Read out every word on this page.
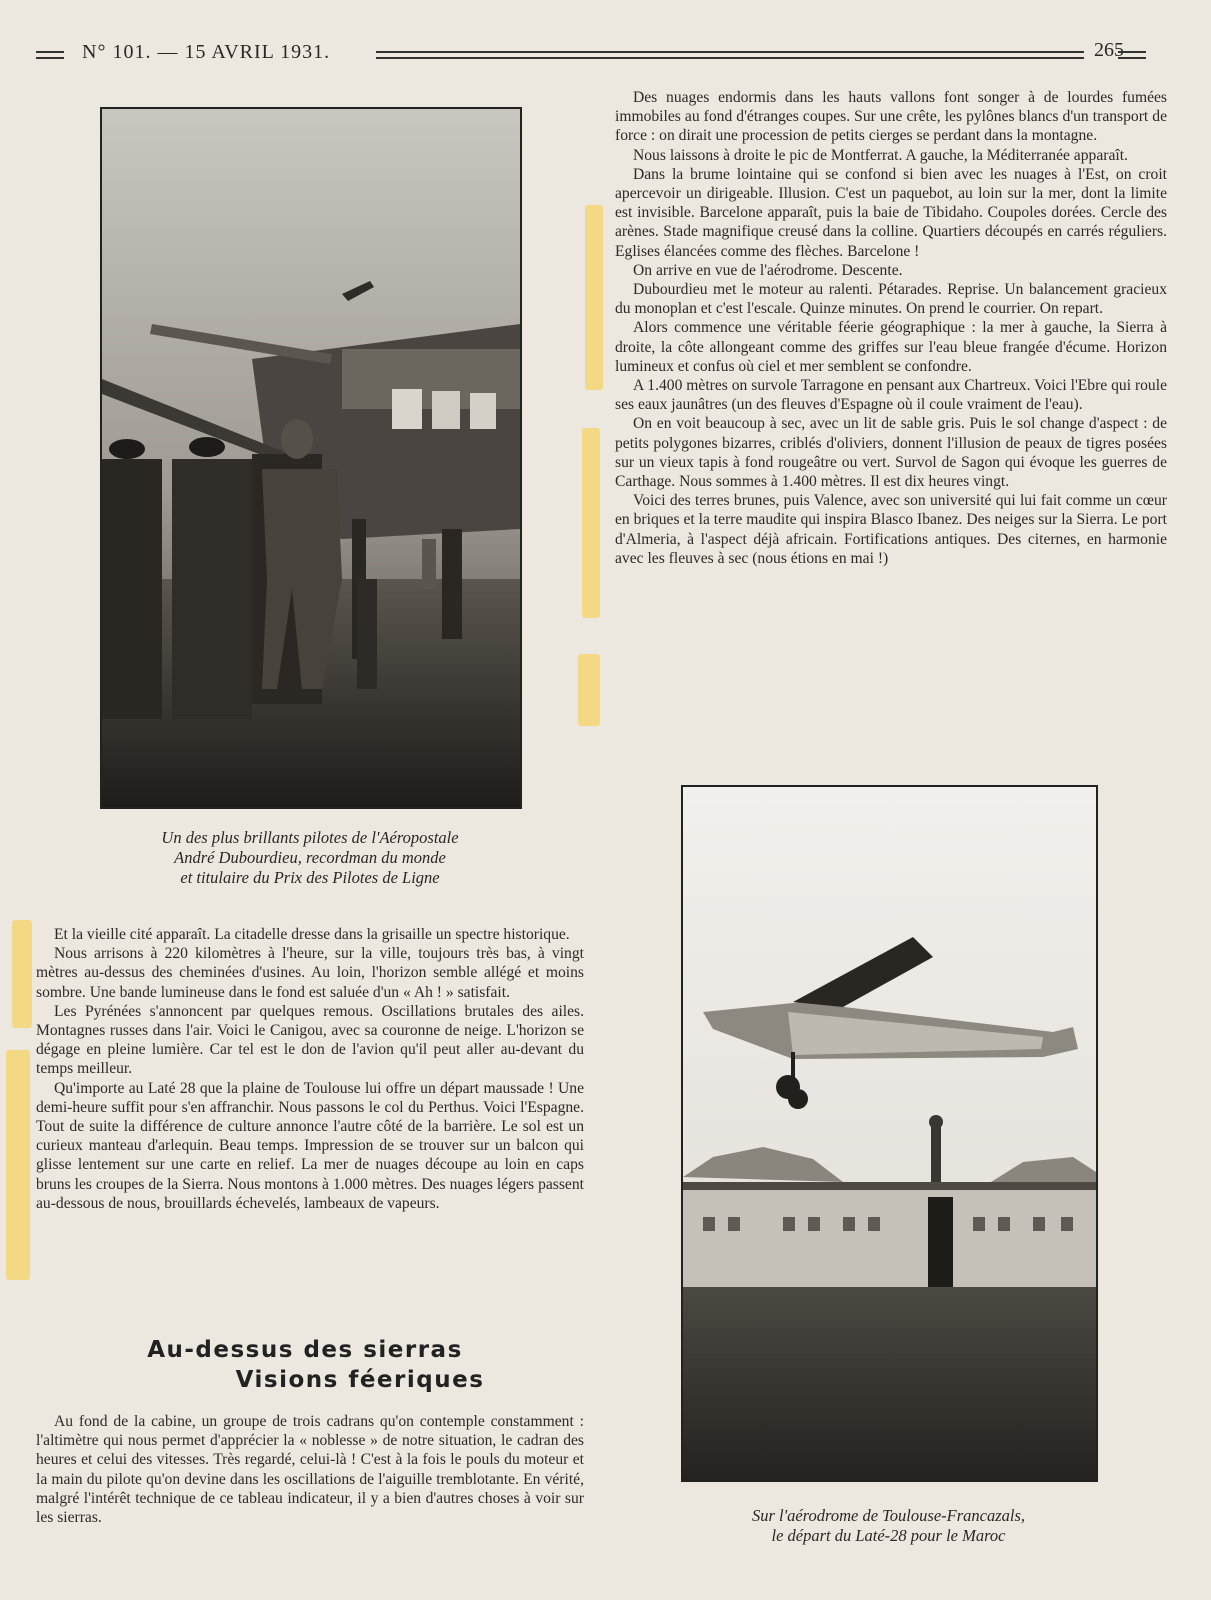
N° 101. — 15 AVRIL 1931.	265
Un des plus brillants pilotes de l'Aéropostale
André Dubourdieu, recordman du monde
et titulaire du Prix des Pilotes de Ligne

Des nuages endormis dans les hauts vallons font songer à de lourdes fumées immobiles au fond d'étranges coupes. Sur une crête, les pylônes blancs d'un transport de force : on dirait une procession de petits cierges se perdant dans la montagne.

Nous laissons à droite le pic de Montferrat. A gauche, la Méditerranée apparaît.

Dans la brume lointaine qui se confond si bien avec les nuages à l'Est, on croit apercevoir un dirigeable. Illusion. C'est un paquebot, au loin sur la mer, dont la limite est invisible. Barcelone apparaît, puis la baie de Tibidaho. Coupoles dorées. Cercle des arènes. Stade magnifique creusé dans la colline. Quartiers découpés en carrés réguliers. Eglises élancées comme des flèches. Barcelone !

On arrive en vue de l'aérodrome. Descente.

Dubourdieu met le moteur au ralenti. Pétarades. Reprise. Un balancement gracieux du monoplan et c'est l'escale. Quinze minutes. On prend le courrier. On repart.

Alors commence une véritable féerie géographique : la mer à gauche, la Sierra à droite, la côte allongeant comme des griffes sur l'eau bleue frangée d'écume. Horizon lumineux et confus où ciel et mer semblent se confondre.

A 1.400 mètres on survole Tarragone en pensant aux Chartreux. Voici l'Ebre qui roule ses eaux jaunâtres (un des fleuves d'Espagne où il coule vraiment de l'eau).

On en voit beaucoup à sec, avec un lit de sable gris. Puis le sol change d'aspect : de petits polygones bizarres, criblés d'oliviers, donnent l'illusion de peaux de tigres posées sur un vieux tapis à fond rougeâtre ou vert. Survol de Sagon qui évoque les guerres de Carthage. Nous sommes à 1.400 mètres. Il est dix heures vingt.

Voici des terres brunes, puis Valence, avec son université qui lui fait comme un cœur en briques et la terre maudite qui inspira Blasco Ibanez. Des neiges sur la Sierra. Le port d'Almeria, à l'aspect déjà africain. Fortifications antiques. Des citernes, en harmonie avec les fleuves à sec (nous étions en mai !)

Sur l'aérodrome de Toulouse-Francazals,
le départ du Laté-28 pour le Maroc

Et la vieille cité apparaît. La citadelle dresse dans la grisaille un spectre historique.

Nous arrisons à 220 kilomètres à l'heure, sur la ville, toujours très bas, à vingt mètres au-dessus des cheminées d'usines. Au loin, l'horizon semble allégé et moins sombre. Une bande lumineuse dans le fond est saluée d'un « Ah ! » satisfait.

Les Pyrénées s'annoncent par quelques remous. Oscillations brutales des ailes. Montagnes russes dans l'air. Voici le Canigou, avec sa couronne de neige. L'horizon se dégage en pleine lumière. Car tel est le don de l'avion qu'il peut aller au-devant du temps meilleur.

Qu'importe au Laté 28 que la plaine de Toulouse lui offre un départ maussade ! Une demi-heure suffit pour s'en affranchir. Nous passons le col du Perthus. Voici l'Espagne. Tout de suite la différence de culture annonce l'autre côté de la barrière. Le sol est un curieux manteau d'arlequin. Beau temps. Impression de se trouver sur un balcon qui glisse lentement sur une carte en relief. La mer de nuages découpe au loin en caps bruns les croupes de la Sierra. Nous montons à 1.000 mètres. Des nuages légers passent au-dessous de nous, brouillards échevelés, lambeaux de vapeurs.

Au-dessus des sierras
Visions féeriques

Au fond de la cabine, un groupe de trois cadrans qu'on contemple constamment : l'altimètre qui nous permet d'apprécier la « noblesse » de notre situation, le cadran des heures et celui des vitesses. Très regardé, celui-là ! C'est à la fois le pouls du moteur et la main du pilote qu'on devine dans les oscillations de l'aiguille tremblotante. En vérité, malgré l'intérêt technique de ce tableau indicateur, il y a bien d'autres choses à voir sur les sierras.
